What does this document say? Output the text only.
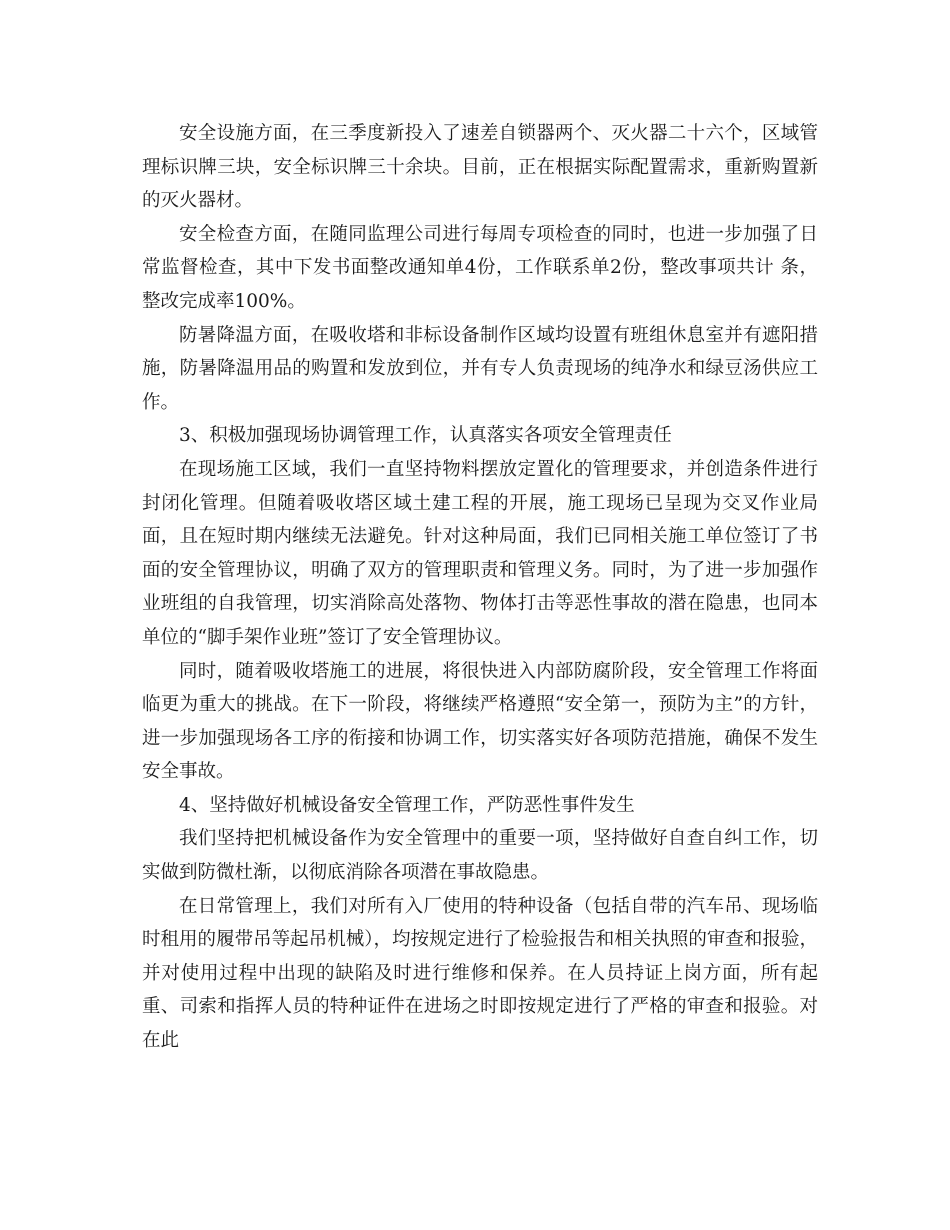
安全设施方面，在三季度新投入了速差自锁器两个、灭火器二十六个，区域管理标识牌三块，安全标识牌三十余块。目前，正在根据实际配置需求，重新购置新的灭火器材。

安全检查方面，在随同监理公司进行每周专项检查的同时，也进一步加强了日常监督检查，其中下发书面整改通知单4份，工作联系单2份，整改事项共计 条，整改完成率100%。

防暑降温方面，在吸收塔和非标设备制作区域均设置有班组休息室并有遮阳措施，防暑降温用品的购置和发放到位，并有专人负责现场的纯净水和绿豆汤供应工作。

3、积极加强现场协调管理工作，认真落实各项安全管理责任

在现场施工区域，我们一直坚持物料摆放定置化的管理要求，并创造条件进行封闭化管理。但随着吸收塔区域土建工程的开展，施工现场已呈现为交叉作业局面，且在短时期内继续无法避免。针对这种局面，我们已同相关施工单位签订了书面的安全管理协议，明确了双方的管理职责和管理义务。同时，为了进一步加强作业班组的自我管理，切实消除高处落物、物体打击等恶性事故的潜在隐患，也同本单位的“脚手架作业班”签订了安全管理协议。

同时，随着吸收塔施工的进展，将很快进入内部防腐阶段，安全管理工作将面临更为重大的挑战。在下一阶段，将继续严格遵照“安全第一，预防为主”的方针，进一步加强现场各工序的衔接和协调工作，切实落实好各项防范措施，确保不发生安全事故。

4、坚持做好机械设备安全管理工作，严防恶性事件发生

我们坚持把机械设备作为安全管理中的重要一项，坚持做好自查自纠工作，切实做到防微杜渐，以彻底消除各项潜在事故隐患。

在日常管理上，我们对所有入厂使用的特种设备（包括自带的汽车吊、现场临时租用的履带吊等起吊机械），均按规定进行了检验报告和相关执照的审查和报验，并对使用过程中出现的缺陷及时进行维修和保养。在人员持证上岗方面，所有起重、司索和指挥人员的特种证件在进场之时即按规定进行了严格的审查和报验。对在此
